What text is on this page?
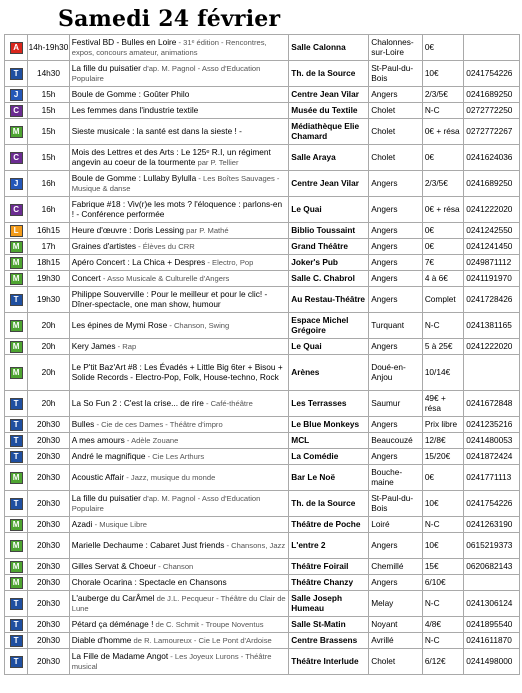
Samedi 24 février
A	14h-19h30	Festival BD - Bulles en Loire - 31ᵉ édition - Rencontres, expos, concours amateur, animations	Salle Calonna	Chalonnes-sur-Loire	0€	
T	14h30	La fille du puisatier d'ap. M. Pagnol - Asso d'Education Populaire	Th. de la Source	St-Paul-du-Bois	10€	0241754226
J	15h	Boule de Gomme : Goûter Philo	Centre Jean Vilar	Angers	2/3/5€	0241689250
C	15h	Les femmes dans l'industrie textile	Musée du Textile	Cholet	N-C	0272772250
M	15h	Sieste musicale : la santé est dans la sieste ! -	Médiathèque Elie Chamard	Cholet	0€ + résa	0272772267
C	15h	Mois des Lettres et des Arts : Le 125ᵉ R.I, un régiment angevin au coeur de la tourmente par P. Tellier	Salle Araya	Cholet	0€	0241624036
J	16h	Boule de Gomme : Lullaby Bylulla - Les Boîtes Sauvages - Musique & danse	Centre Jean Vilar	Angers	2/3/5€	0241689250
C	16h	Fabrique #18 : Viv(r)e les mots ? l'éloquence : parlons-en ! - Conférence performée	Le Quai	Angers	0€ + résa	0241222020
L	16h15	Heure d'œuvre : Doris Lessing par P. Mathé	Biblio Toussaint	Angers	0€	0241242550
M	17h	Graines d'artistes - Élèves du CRR	Grand Théâtre	Angers	0€	0241241450
M	18h15	Apéro Concert : La Chica + Despres - Electro, Pop	Joker's Pub	Angers	7€	0249871112
M	19h30	Concert - Asso Musicale & Culturelle d'Angers	Salle C. Chabrol	Angers	4 à 6€	0241191970
T	19h30	Philippe Souverville : Pour le meilleur et pour le clic! - Dîner-spectacle, one man show, humour	Au Restau-Théâtre	Angers	Complet	0241728426
M	20h	Les épines de Mymi Rose - Chanson, Swing	Espace Michel Grégoire	Turquant	N-C	0241381165
M	20h	Kery James - Rap	Le Quai	Angers	5 à 25€	0241222020
M	20h	Le P'tit Baz'Art #8 : Les Évadés + Little Big 6ter + Bisou + Solide Records - Electro-Pop, Folk, House-techno, Rock	Arènes	Doué-en-Anjou	10/14€	
T	20h	La So Fun 2 : C'est la crise... de rire - Café-théâtre	Les Terrasses	Saumur	49€ + résa	0241672848
T	20h30	Bulles - Cie de ces Dames - Théâtre d'impro	Le Blue Monkeys	Angers	Prix libre	0241235216
T	20h30	A mes amours - Adèle Zouane	MCL	Beaucouzé	12/8€	0241480053
T	20h30	André le magnifique - Cie Les Arthurs	La Comédie	Angers	15/20€	0241872424
M	20h30	Acoustic Affair - Jazz, musique du monde	Bar Le Noë	Bouche-maine	0€	0241771113
T	20h30	La fille du puisatier d'ap. M. Pagnol - Asso d'Education Populaire	Th. de la Source	St-Paul-du-Bois	10€	0241754226
M	20h30	Azadi - Musique Libre	Théâtre de Poche	Loiré	N-C	0241263190
M	20h30	Marielle Dechaume : Cabaret Just friends - Chansons, Jazz	L'entre 2	Angers	10€	0615219373
M	20h30	Gilles Servat & Choeur - Chanson	Théâtre Foirail	Chemillé	15€	0620682143
M	20h30	Chorale Ocarina : Spectacle en Chansons	Théâtre Chanzy	Angers	6/10€	
T	20h30	L'auberge du CarÂmel de J.L. Pecqueur - Théâtre du Clair de Lune	Salle Joseph Humeau	Melay	N-C	0241306124
T	20h30	Pétard ça déménage ! de C. Schmit - Troupe Noventus	Salle St-Matin	Noyant	4/8€	0241895540
T	20h30	Diable d'homme de R. Lamoureux - Cie Le Pont d'Ardoise	Centre Brassens	Avrillé	N-C	0241611870
T	20h30	La Fille de Madame Angot - Les Joyeux Lurons - Théâtre musical	Théâtre Interlude	Cholet	6/12€	0241498000
